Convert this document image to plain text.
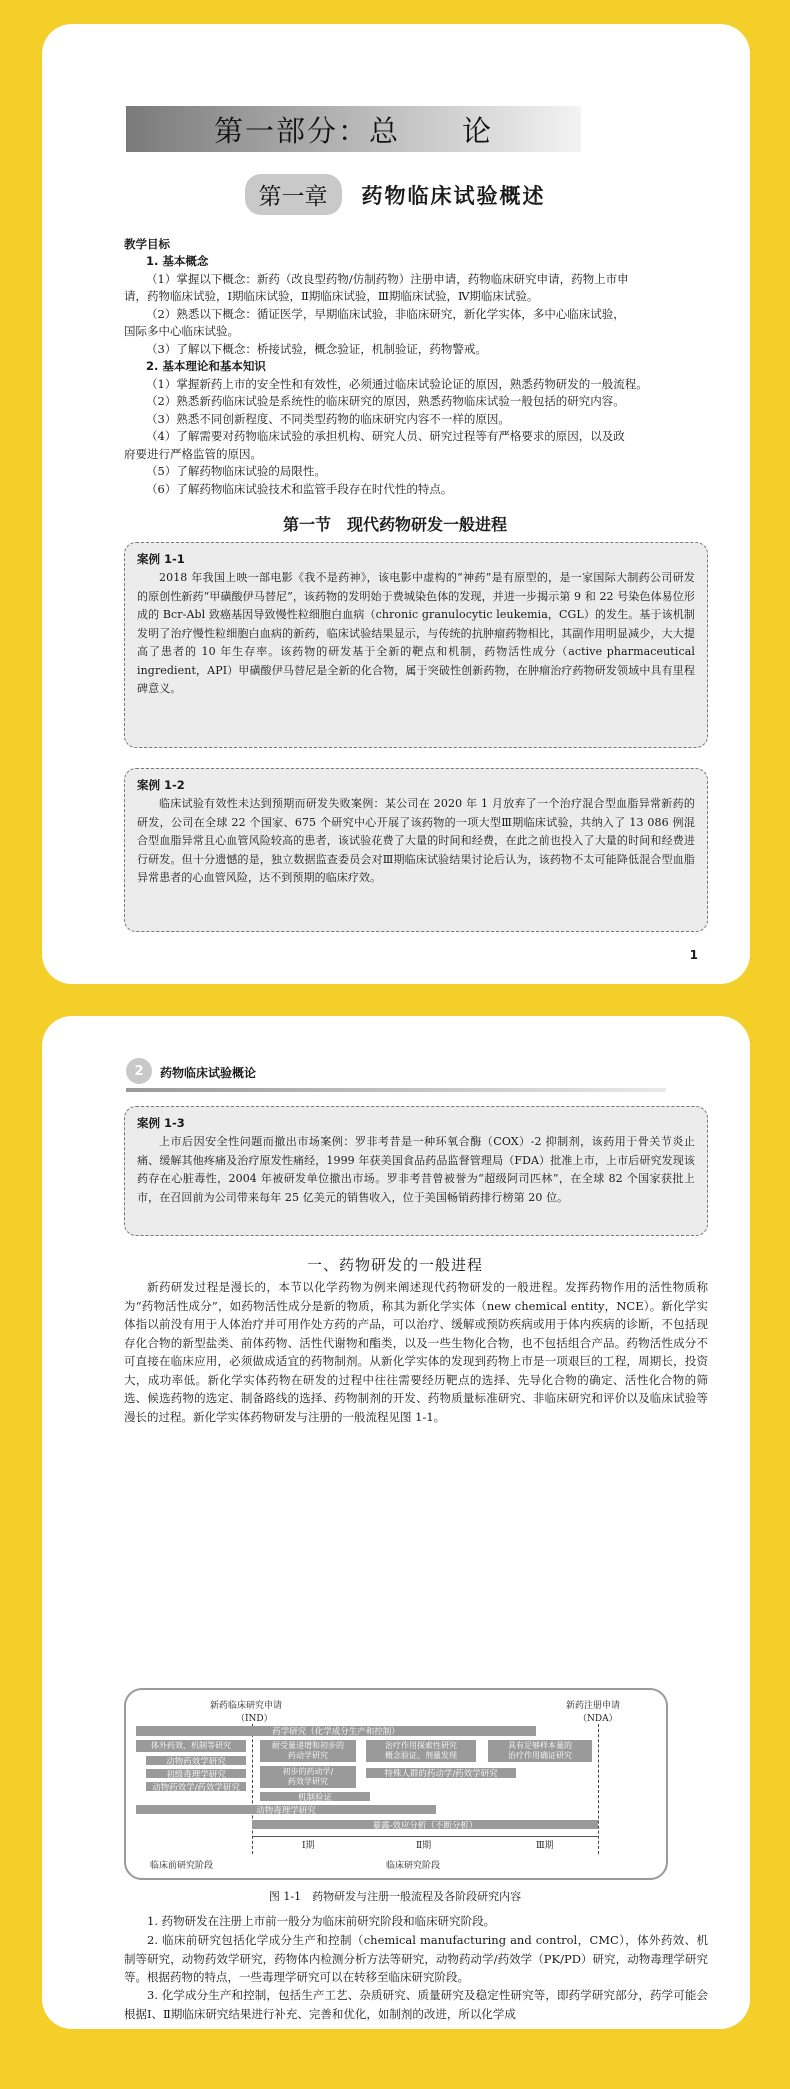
第一部分：总　　论
第一章	药物临床试验概述
教学目标
1. 基本概念
（1）掌握以下概念：新药（改良型药物/仿制药物）注册申请，药物临床研究申请，药物上市申
请，药物临床试验，Ⅰ期临床试验，Ⅱ期临床试验，Ⅲ期临床试验，Ⅳ期临床试验。
（2）熟悉以下概念：循证医学，早期临床试验，非临床研究，新化学实体，多中心临床试验，
国际多中心临床试验。
（3）了解以下概念：桥接试验，概念验证，机制验证，药物警戒。
2. 基本理论和基本知识
（1）掌握新药上市的安全性和有效性，必须通过临床试验论证的原因，熟悉药物研发的一般流程。
（2）熟悉新药临床试验是系统性的临床研究的原因，熟悉药物临床试验一般包括的研究内容。
（3）熟悉不同创新程度、不同类型药物的临床研究内容不一样的原因。
（4）了解需要对药物临床试验的承担机构、研究人员、研究过程等有严格要求的原因，以及政
府要进行严格监管的原因。
（5）了解药物临床试验的局限性。
（6）了解药物临床试验技术和监管手段存在时代性的特点。
第一节　现代药物研发一般进程
案例 1-1

2018 年我国上映一部电影《我不是药神》，该电影中虚构的“神药”是有原型的，是一家国际大制药公司研发的原创性新药“甲磺酸伊马替尼”，该药物的发明始于费城染色体的发现，并进一步揭示第 9 和 22 号染色体易位形成的 Bcr-Abl 致癌基因导致慢性粒细胞白血病（chronic granulocytic leukemia，CGL）的发生。基于该机制发明了治疗慢性粒细胞白血病的新药，临床试验结果显示，与传统的抗肿瘤药物相比，其副作用明显减少，大大提高了患者的 10 年生存率。该药物的研发基于全新的靶点和机制，药物活性成分（active pharmaceutical ingredient，API）甲磺酸伊马替尼是全新的化合物，属于突破性创新药物，在肿瘤治疗药物研发领域中具有里程碑意义。

案例 1-2

临床试验有效性未达到预期而研发失败案例：某公司在 2020 年 1 月放弃了一个治疗混合型血脂异常新药的研发，公司在全球 22 个国家、675 个研究中心开展了该药物的一项大型Ⅲ期临床试验，共纳入了 13 086 例混合型血脂异常且心血管风险较高的患者，该试验花费了大量的时间和经费，在此之前也投入了大量的时间和经费进行研发。但十分遗憾的是，独立数据监查委员会对Ⅲ期临床试验结果讨论后认为，该药物不太可能降低混合型血脂异常患者的心血管风险，达不到预期的临床疗效。

1
2	药物临床试验概论
案例 1-3

上市后因安全性问题而撤出市场案例：罗非考昔是一种环氧合酶（COX）-2 抑制剂，该药用于骨关节炎止痛、缓解其他疼痛及治疗原发性痛经，1999 年获美国食品药品监督管理局（FDA）批准上市，上市后研究发现该药存在心脏毒性，2004 年被研发单位撤出市场。罗非考昔曾被誉为“超级阿司匹林”，在全球 82 个国家获批上市，在召回前为公司带来每年 25 亿美元的销售收入，位于美国畅销药排行榜第 20 位。

一、药物研发的一般进程

新药研发过程是漫长的，本节以化学药物为例来阐述现代药物研发的一般进程。发挥药物作用的活性物质称为“药物活性成分”，如药物活性成分是新的物质，称其为新化学实体（new chemical entity，NCE）。新化学实体指以前没有用于人体治疗并可用作处方药的产品，可以治疗、缓解或预防疾病或用于体内疾病的诊断，不包括现存化合物的新型盐类、前体药物、活性代谢物和酯类，以及一些生物化合物，也不包括组合产品。药物活性成分不可直接在临床应用，必须做成适宜的药物制剂。从新化学实体的发现到药物上市是一项艰巨的工程，周期长，投资大，成功率低。新化学实体药物在研发的过程中往往需要经历靶点的选择、先导化合物的确定、活性化合物的筛选、候选药物的选定、制备路线的选择、药物制剂的开发、药物质量标准研究、非临床研究和评价以及临床试验等漫长的过程。新化学实体药物研发与注册的一般流程见图 1-1。

新药临床研究申请
（IND）
新药注册申请
（NDA）
药学研究（化学成分生产和控制）
体外药效、机制等研究
动物药效学研究
初级毒理学研究
动物药效学/药效学研究
耐受量递增和初步的
药动学研究
初步的药动学/
药效学研究
治疗作用探索性研究
概念验证、剂量发现
具有足够样本量的
治疗作用确证研究
特殊人群的药动学/药效学研究
机制验证
动物毒理学研究
暴露-效应分析（不断分析）
Ⅰ期	Ⅱ期	Ⅲ期
临床前研究阶段	临床研究阶段
图 1-1　药物研发与注册一般流程及各阶段研究内容

1. 药物研发在注册上市前一般分为临床前研究阶段和临床研究阶段。

2. 临床前研究包括化学成分生产和控制（chemical manufacturing and control，CMC），体外药效、机制等研究，动物药效学研究，药物体内检测分析方法等研究，动物药动学/药效学（PK/PD）研究，动物毒理学研究等。根据药物的特点，一些毒理学研究可以在转移至临床研究阶段。

3. 化学成分生产和控制，包括生产工艺、杂质研究、质量研究及稳定性研究等，即药学研究部分，药学可能会根据Ⅰ、Ⅱ期临床研究结果进行补充、完善和优化，如制剂的改进，所以化学成
